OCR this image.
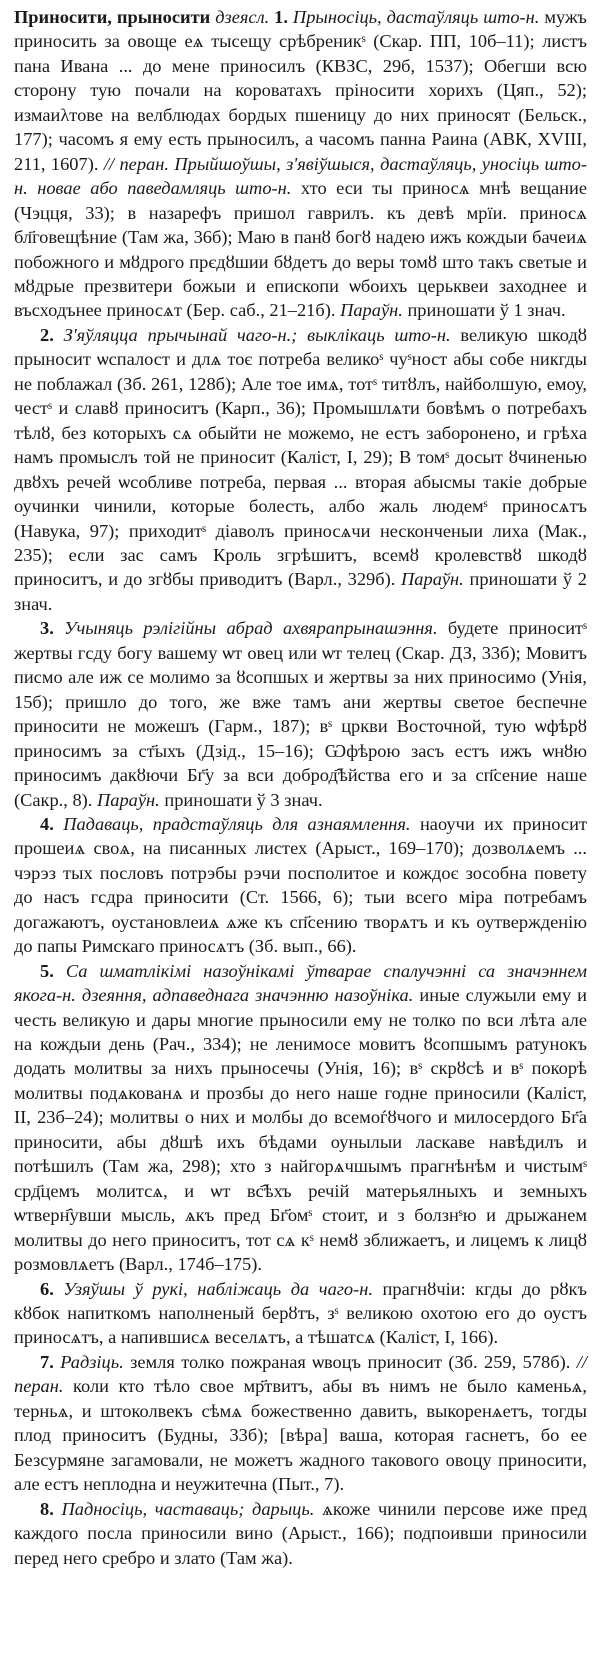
Приносити, прыносити дзеясл. 1. Прыносіць, дастаўляць што-н. мужъ приносить за овоще еѧ тысещу срѣбреникˢ (Скар. ПП, 10б–11); листъ пана Ивана ... до мене приносилъ (КВЗС, 29б, 1537); Обегши всю сторону тую почали на короватахъ пріносити хорихъ (Цяп., 52); измаиλтове на велблюдах бордых пшеницу до них приносят (Бельск., 177); часомъ я ему есть прыносилъ, а часомъ панна Раина (АВК, XVIII, 211, 1607). // перан. Прыйшоўшы, з'явіўшыся, дастаўляць, уносіць што-н. новае або паведамляць што-н. хто еси ты приносѧ мнѣ вещание (Чэцця, 33); в назарефъ пришол гаврилъ. къ девѣ мрїи. приносѧ бл҃говещѣние (Там жа, 36б); Маю в панȣ богȣ надею ижъ кождыи бачеиѧ побожного и мȣдрого прєдȣшии бȣдетъ до веры томȣ што такъ светые и мȣдрые презвитери божыи и епископи ѡбоихъ церьквеи заходнее и въсходънее приносѧт (Бер. саб., 21–21б). Параўн. приношати ў 1 знач.

2. З'яўляцца прычынай чаго-н.; выклікаць што-н. великую шкодȣ прыносит ѡспалост и длѧ тоє потреба великоˢ чуˢност абы собе никгды не поблажал (Зб. 261, 128б); Але тое имѧ, тотˢ титȣлъ, найболшую, емоу, честˢ и славȣ приноситъ (Карп., 36); Промышлѧти бовѣмъ о потребахъ тѣлȣ, без которыхъ сѧ обыйти не можемо, не естъ заборонено, и грѣха намъ промыслъ той не приносит (Каліст, I, 29); В томˢ досыт ȣчиненью двȣхъ речей ѡсобливе потреба, первая ... вторая абысмы такіе добрые оучинки чинили, которые болесть, албо жаль людемˢ приносѧтъ (Навука, 97); приходитˢ діаволъ приносѧчи несконченыи лиха (Мак., 235); если зас самъ Кроль згрѣшитъ, всемȣ кролевствȣ шкодȣ приноситъ, и до згȣбы приводитъ (Варл., 329б). Параўн. приношати ў 2 знач.

3. Учыняць рэлігійны абрад ахвярапрынашэння. будете приноситˢ жертвы гсду богу вашему ѡт овец или ѡт телец (Скар. ДЗ, 33б); Мовитъ писмо але иж се молимо за ȣсопшых и жертвы за них приносимо (Унія, 15б); пришло до того, же вже тамъ ани жертвы светое беспечне приносити не можешъ (Гарм., 187); вˢ цркви Восточной, тую ѡфѣрȣ приносимъ за ст҃ыхъ (Дзід., 15–16); Ѡфѣрою засъ естъ ижъ ѡнȣю приносимъ дакȣючи Бг҃у за вси доброд҄ѣйства его и за сп҃сение наше (Сакр., 8). Параўн. приношати ў 3 знач.

4. Падаваць, прадстаўляць для азнаямлення. наоучи их приносит прошеиѧ своѧ, на писанных листех (Арыст., 169–170); дозволѧемъ ... чэрэз тых пословъ потрэбы рэчи посполитое и кождоє зособна повету до насъ гсдра приносити (Ст. 1566, 6); тыи всего міра потребамъ догажаютъ, оустановлеиѧ ѧже къ сп҃сению творѧтъ и къ оутвержденію до папы Римскаго приносѧтъ (Зб. вып., 66).

5. Са шматлікімі назоўнікамі ўтварае спалучэнні са значэннем якога-н. дзеяння, адпаведнага значэнню назоўніка. иные служыли ему и честь великую и дары многие прыносили ему не толко по вси лѣта але на кождыи день (Рач., 334); не ленимосе мовитъ ȣсопшымъ ратунокъ додать молитвы за нихъ прыносечы (Унія, 16); вˢ скрȣсѣ и вˢ покорѣ молитвы подѧкованѧ и прозбы до него наше годне приносили (Каліст, II, 23б–24); молитвы о них и молбы до всемоѓȣчого и милосердого Бг҃а приносити, абы дȣшѣ ихъ бѣдами оунылыи ласкаве навѣдилъ и потѣшилъ (Там жа, 298); хто з найгорѧчшымъ прагнѣнѣм и чистымˢ срд҃цемъ молитсѧ, и ѡт вс҄ѣхъ речій матерьялныхъ и земныхъ ѡтверн҄увши мысль, ѧкъ пред Бг҃омˢ стоит, и з болзнˢю и дрыжанем молитвы до него приноситъ, тот сѧ кˢ немȣ зближаетъ, и лицемъ к лицȣ розмовлѧетъ (Варл., 174б–175).

6. Узяўшы ў рукі, набліжаць да чаго-н. прагнȣчіи: кгды до рȣкъ кȣбок напиткомъ наполненый берȣтъ, зˢ великою охотою его до оустъ приносѧтъ, а напившисѧ веселѧтъ, а тѣшатсѧ (Каліст, I, 166).

7. Радзіць. земля толко пожраная ѡвоцъ приносит (Зб. 259, 578б). // перан. коли кто тѣло свое мр҃твитъ, абы въ нимъ не было каменьѧ, терньѧ, и штоколвекъ сѣмѧ божественно давить, выкоренѧетъ, тогды плод приноситъ (Будны, 33б); [вѣра] ваша, которая гаснетъ, бо ее Безсурмяне загамовали, не можетъ жадного такового овоцу приносити, але естъ неплодна и неужитечна (Пыт., 7).

8. Падносіць, частаваць; дарыць. ѧкоже чинили персове иже пред каждого посла приносили вино (Арыст., 166); подпоивши приносили перед него сребро и злато (Там жа).
